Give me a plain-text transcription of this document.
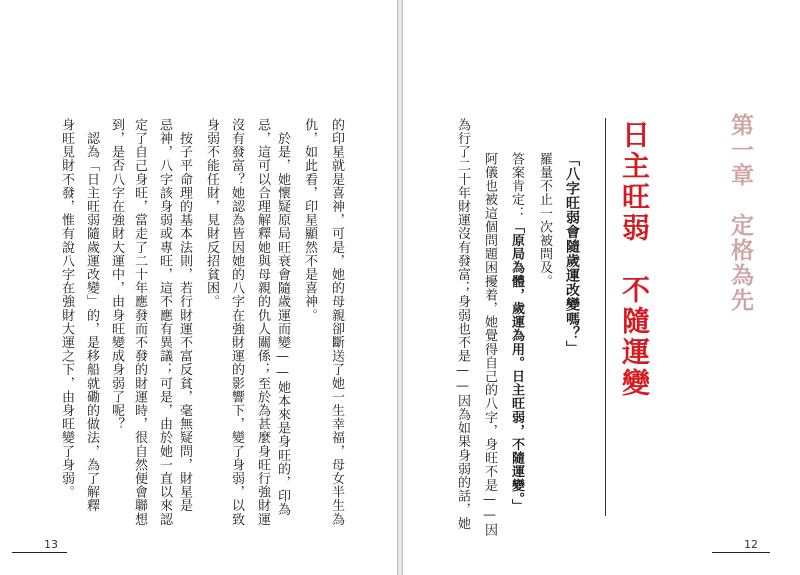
第一章　定格為先
日主旺弱　不隨運變
「八字旺弱會隨歲運改變嗎？」
羅量不止一次被問及。
答案肯定：「原局為體，歲運為用。日主旺弱，不隨運變。」
阿儀也被這個問題困擾着，她覺得自己的八字，身旺不是——因
為行了二十年財運沒有發富；身弱也不是——因為如果身弱的話，她
12
的印星就是喜神，可是，她的母親卻斷送了她一生幸福，母女半生為
仇，如此看，印星顯然不是喜神。
　於是，她懷疑原局旺衰會隨歲運而變——她本來是身旺的，印為
忌，這可以合理解釋她與母親的仇人關係；至於為甚麼身旺行強財運
沒有發富？她認為皆因她的八字在強財運的影響下，變了身弱，以致
身弱不能任財，見財反招貧困。
　按子平命理的基本法則，若行財運不富反貧，毫無疑問，財星是
忌神，八字該身弱或專旺，這不應有異議；可是，由於她一直以來認
定了自己身旺，當走了二十年應發而不發的財運時，很自然便會聯想
到，是否八字在強財大運中，由身旺變成身弱了呢？
　認為「日主旺弱隨歲運改變」的，是移船就磡的做法，為了解釋
身旺見財不發，惟有說八字在強財大運之下，由身旺變了身弱。
13
